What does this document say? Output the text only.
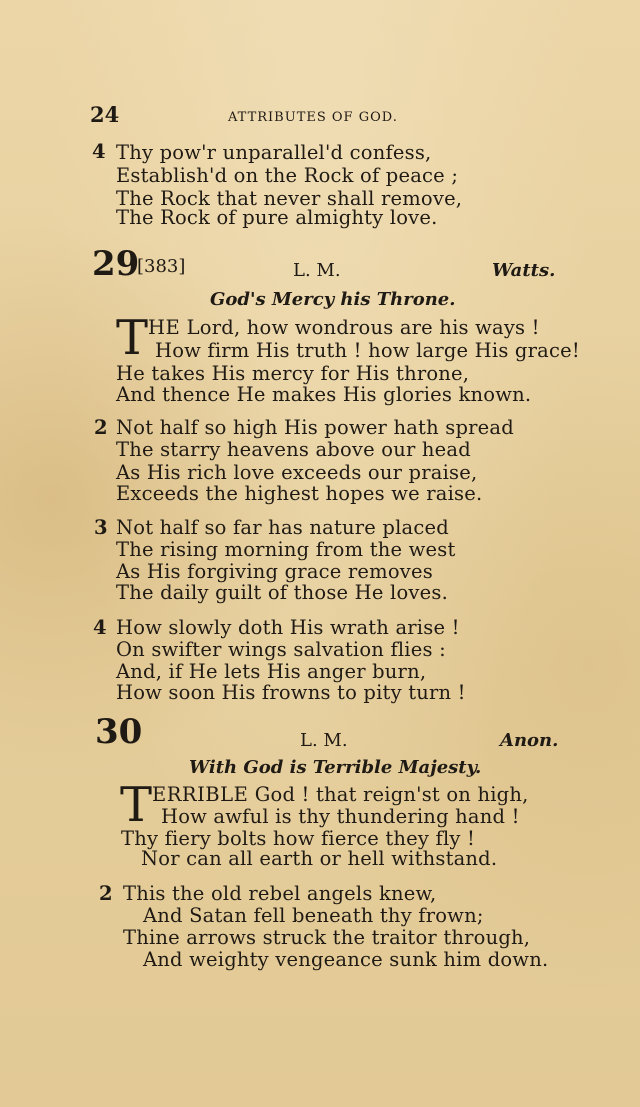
24	ATTRIBUTES OF GOD.
4 Thy pow'r unparallel'd confess,
Establish'd on the Rock of peace ;
The Rock that never shall remove,
The Rock of pure almighty love.
29
[383]	L. M.	Watts.
God's Mercy his Throne.
T HE Lord, how wondrous are his ways !
How firm His truth ! how large His grace!
He takes His mercy for His throne,
And thence He makes His glories known.
2 Not half so high His power hath spread
The starry heavens above our head
As His rich love exceeds our praise,
Exceeds the highest hopes we raise.
3 Not half so far has nature placed
The rising morning from the west
As His forgiving grace removes
The daily guilt of those He loves.
4 How slowly doth His wrath arise !
On swifter wings salvation flies :
And, if He lets His anger burn,
How soon His frowns to pity turn !
30	L. M.	Anon.
With God is Terrible Majesty.
T ERRIBLE God ! that reign'st on high,
How awful is thy thundering hand !
Thy fiery bolts how fierce they fly !
Nor can all earth or hell withstand.
2 This the old rebel angels knew,
And Satan fell beneath thy frown;
Thine arrows struck the traitor through,
And weighty vengeance sunk him down.
